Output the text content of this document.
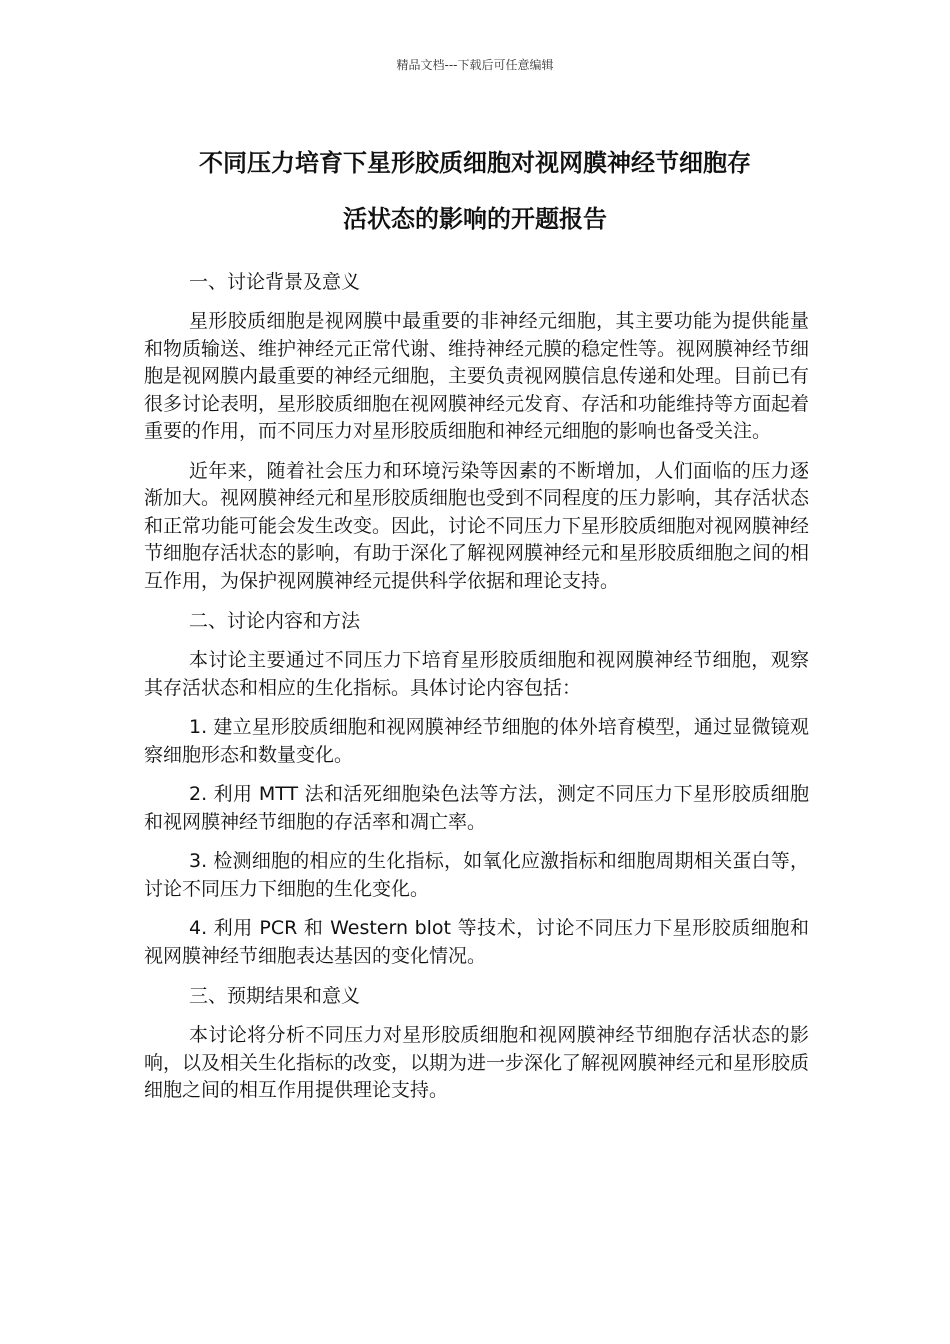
精品文档---下载后可任意编辑
不同压力培育下星形胶质细胞对视网膜神经节细胞存
活状态的影响的开题报告

一、讨论背景及意义

星形胶质细胞是视网膜中最重要的非神经元细胞，其主要功能为提供能量和物质输送、维护神经元正常代谢、维持神经元膜的稳定性等。视网膜神经节细胞是视网膜内最重要的神经元细胞，主要负责视网膜信息传递和处理。目前已有很多讨论表明，星形胶质细胞在视网膜神经元发育、存活和功能维持等方面起着重要的作用，而不同压力对星形胶质细胞和神经元细胞的影响也备受关注。

近年来，随着社会压力和环境污染等因素的不断增加，人们面临的压力逐渐加大。视网膜神经元和星形胶质细胞也受到不同程度的压力影响，其存活状态和正常功能可能会发生改变。因此，讨论不同压力下星形胶质细胞对视网膜神经节细胞存活状态的影响，有助于深化了解视网膜神经元和星形胶质细胞之间的相互作用，为保护视网膜神经元提供科学依据和理论支持。

二、讨论内容和方法

本讨论主要通过不同压力下培育星形胶质细胞和视网膜神经节细胞，观察其存活状态和相应的生化指标。具体讨论内容包括：

1. 建立星形胶质细胞和视网膜神经节细胞的体外培育模型，通过显微镜观察细胞形态和数量变化。

2. 利用 MTT 法和活死细胞染色法等方法，测定不同压力下星形胶质细胞和视网膜神经节细胞的存活率和凋亡率。

3. 检测细胞的相应的生化指标，如氧化应激指标和细胞周期相关蛋白等，讨论不同压力下细胞的生化变化。

4. 利用 PCR 和 Western blot 等技术，讨论不同压力下星形胶质细胞和视网膜神经节细胞表达基因的变化情况。

三、预期结果和意义

本讨论将分析不同压力对星形胶质细胞和视网膜神经节细胞存活状态的影响，以及相关生化指标的改变，以期为进一步深化了解视网膜神经元和星形胶质细胞之间的相互作用提供理论支持。
